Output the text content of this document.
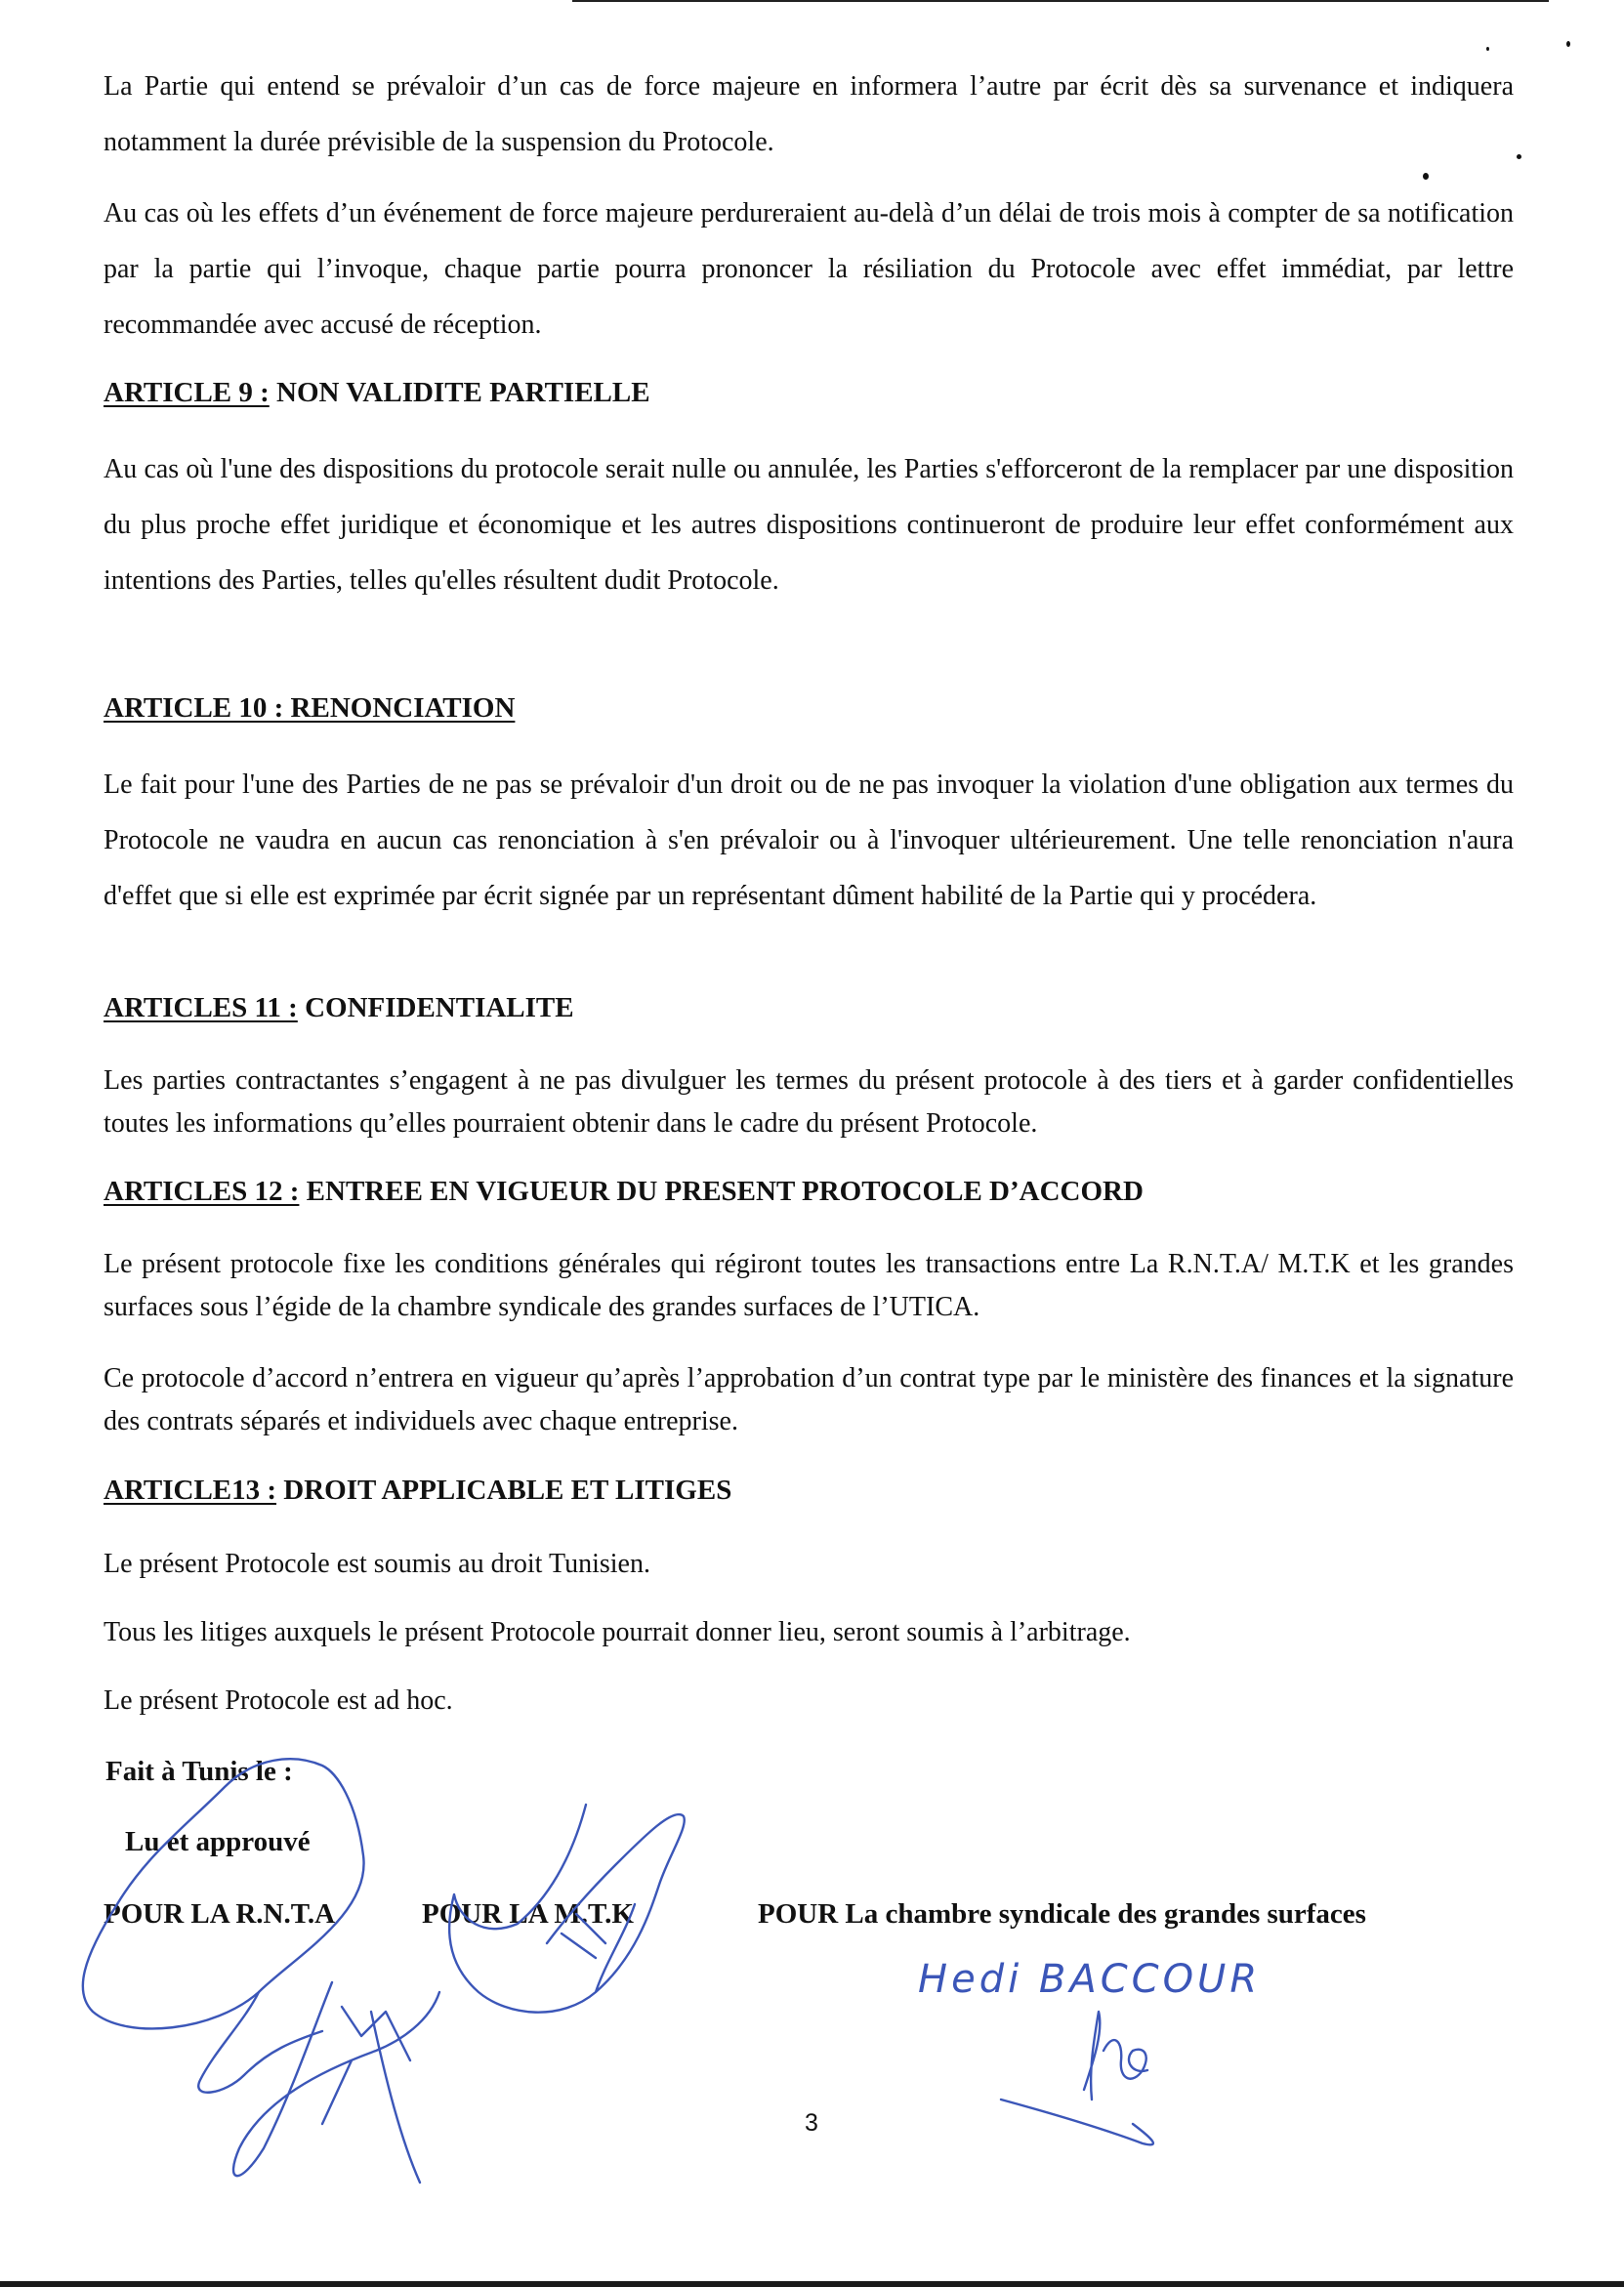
La Partie qui entend se prévaloir d’un cas de force majeure en informera l’autre par écrit dès sa survenance et indiquera notamment la durée prévisible de la suspension du Protocole.

Au cas où les effets d’un événement de force majeure perdureraient au-delà d’un délai de trois mois à compter de sa notification par la partie qui l’invoque, chaque partie pourra prononcer la résiliation du Protocole avec effet immédiat, par lettre recommandée avec accusé de réception.

ARTICLE 9 : NON VALIDITE PARTIELLE

Au cas où l'une des dispositions du protocole serait nulle ou annulée, les Parties s'efforceront de la remplacer par une disposition du plus proche effet juridique et économique et les autres dispositions continueront de produire leur effet conformément aux intentions des Parties, telles qu'elles résultent dudit Protocole.

ARTICLE 10 : RENONCIATION

Le fait pour l'une des Parties de ne pas se prévaloir d'un droit ou de ne pas invoquer la violation d'une obligation aux termes du Protocole ne vaudra en aucun cas renonciation à s'en prévaloir ou à l'invoquer ultérieurement. Une telle renonciation n'aura d'effet que si elle est exprimée par écrit signée par un représentant dûment habilité de la Partie qui y procédera.

ARTICLES 11 : CONFIDENTIALITE

Les parties contractantes s’engagent à ne pas divulguer les termes du présent protocole à des tiers et à garder confidentielles toutes les informations qu’elles pourraient obtenir dans le cadre du présent Protocole.

ARTICLES 12 : ENTREE EN VIGUEUR DU PRESENT PROTOCOLE D’ACCORD

Le présent protocole fixe les conditions générales qui régiront toutes les transactions entre La R.N.T.A/ M.T.K et les grandes surfaces sous l’égide de la chambre syndicale des grandes surfaces de l’UTICA.

Ce protocole d’accord n’entrera en vigueur qu’après l’approbation d’un contrat type par le ministère des finances et la signature des contrats séparés et individuels avec chaque entreprise.

ARTICLE13 : DROIT APPLICABLE ET LITIGES

Le présent Protocole est soumis au droit Tunisien.

Tous les litiges auxquels le présent Protocole pourrait donner lieu, seront soumis à l’arbitrage.

Le présent Protocole est ad hoc.

Fait à Tunis le :
Lu et approuvé
POUR LA R.N.T.A	POUR LA M.T.K	POUR La chambre syndicale des grandes surfaces
Hedi BACCOUR
3
